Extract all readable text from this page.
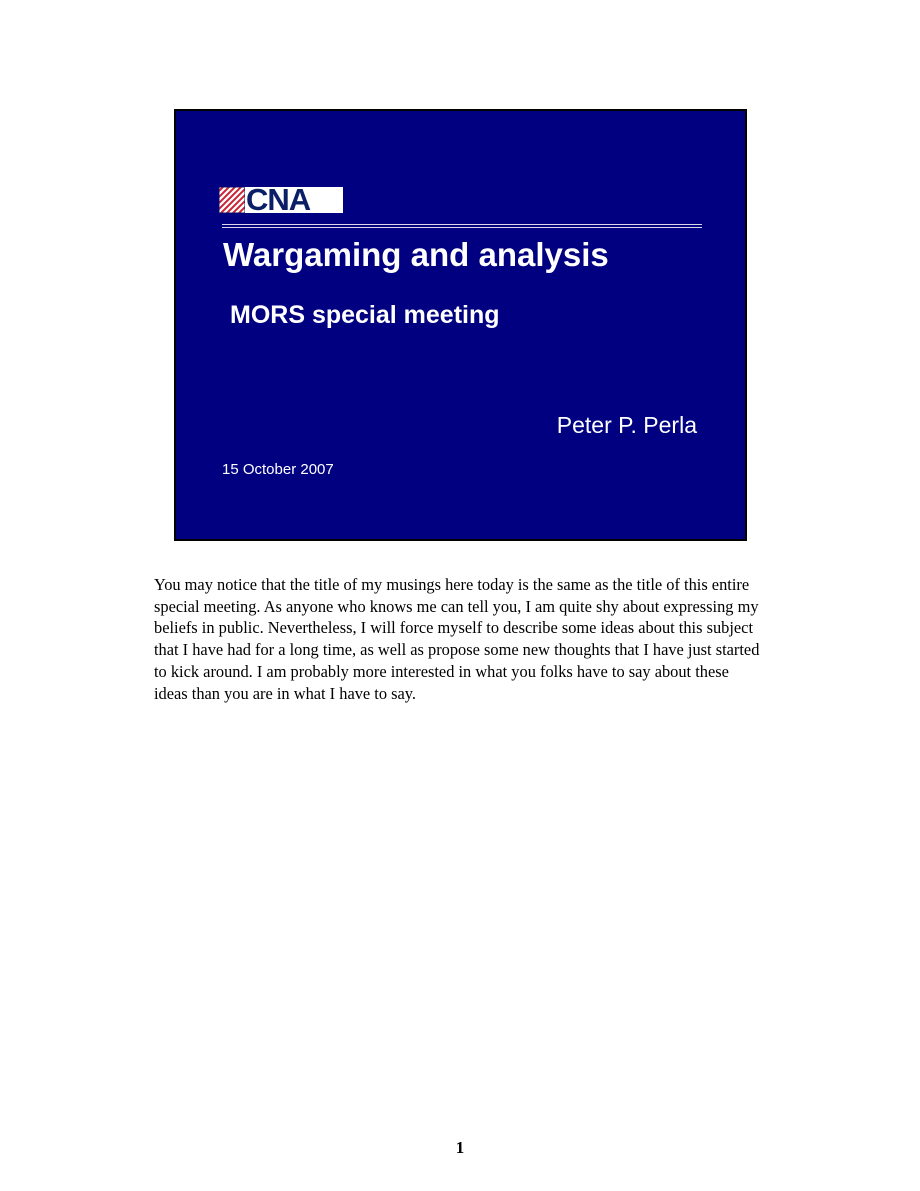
CNA
Wargaming and analysis
MORS special meeting
Peter P. Perla
15 October 2007

You may notice that the title of my musings here today is the same as the title of this entire special meeting. As anyone who knows me can tell you, I am quite shy about expressing my beliefs in public. Nevertheless, I will force myself to describe some ideas about this subject that I have had for a long time, as well as propose some new thoughts that I have just started to kick around. I am probably more interested in what you folks have to say about these ideas than you are in what I have to say.

1
